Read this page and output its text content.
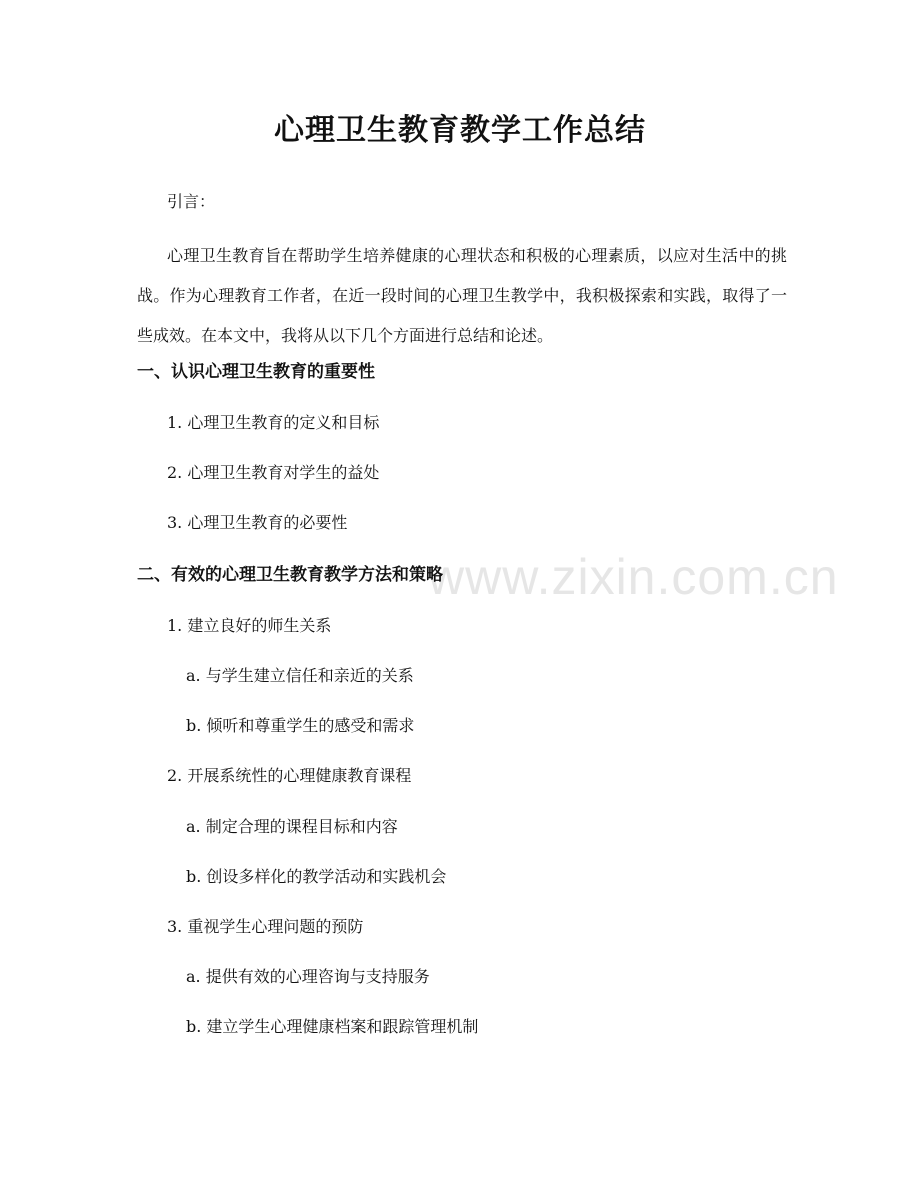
www.zixin.com.cn
心理卫生教育教学工作总结
引言：
心理卫生教育旨在帮助学生培养健康的心理状态和积极的心理素质，以应对生活中的挑战。作为心理教育工作者，在近一段时间的心理卫生教学中，我积极探索和实践，取得了一些成效。在本文中，我将从以下几个方面进行总结和论述。
一、认识心理卫生教育的重要性
1. 心理卫生教育的定义和目标
2. 心理卫生教育对学生的益处
3. 心理卫生教育的必要性
二、有效的心理卫生教育教学方法和策略
1. 建立良好的师生关系
a. 与学生建立信任和亲近的关系
b. 倾听和尊重学生的感受和需求
2. 开展系统性的心理健康教育课程
a. 制定合理的课程目标和内容
b. 创设多样化的教学活动和实践机会
3. 重视学生心理问题的预防
a. 提供有效的心理咨询与支持服务
b. 建立学生心理健康档案和跟踪管理机制
